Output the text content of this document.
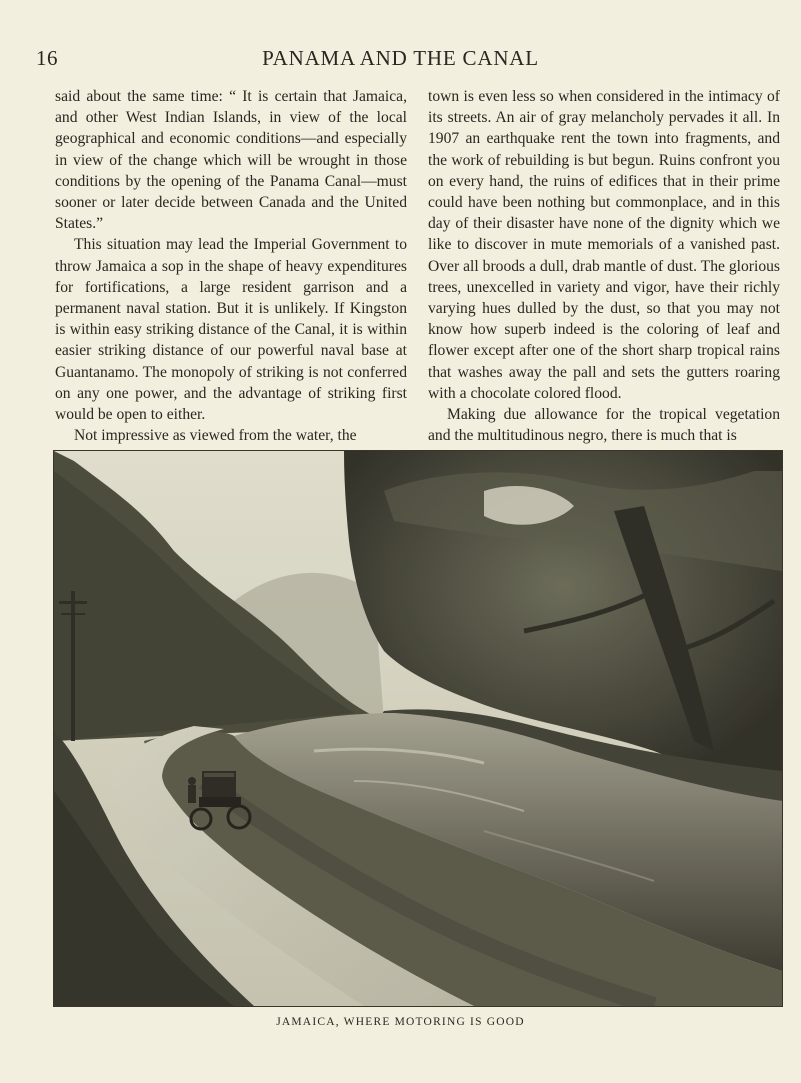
16	PANAMA AND THE CANAL

said about the same time: “ It is certain that Jamaica, and other West Indian Islands, in view of the local geographical and economic conditions—and especially in view of the change which will be wrought in those conditions by the opening of the Panama Canal—must sooner or later decide between Canada and the United States.”

This situation may lead the Imperial Government to throw Jamaica a sop in the shape of heavy expenditures for fortifications, a large resident garrison and a permanent naval station. But it is unlikely. If Kingston is within easy striking distance of the Canal, it is within easier striking distance of our powerful naval base at Guantanamo. The monopoly of striking is not conferred on any one power, and the advantage of striking first would be open to either.

Not impressive as viewed from the water, the

town is even less so when considered in the intimacy of its streets. An air of gray melancholy pervades it all. In 1907 an earthquake rent the town into fragments, and the work of rebuilding is but begun. Ruins confront you on every hand, the ruins of edifices that in their prime could have been nothing but commonplace, and in this day of their disaster have none of the dignity which we like to discover in mute memorials of a vanished past. Over all broods a dull, drab mantle of dust. The glorious trees, unexcelled in variety and vigor, have their richly varying hues dulled by the dust, so that you may not know how superb indeed is the coloring of leaf and flower except after one of the short sharp tropical rains that washes away the pall and sets the gutters roaring with a chocolate colored flood.

Making due allowance for the tropical vegetation and the multitudinous negro, there is much that is

JAMAICA, WHERE MOTORING IS GOOD
